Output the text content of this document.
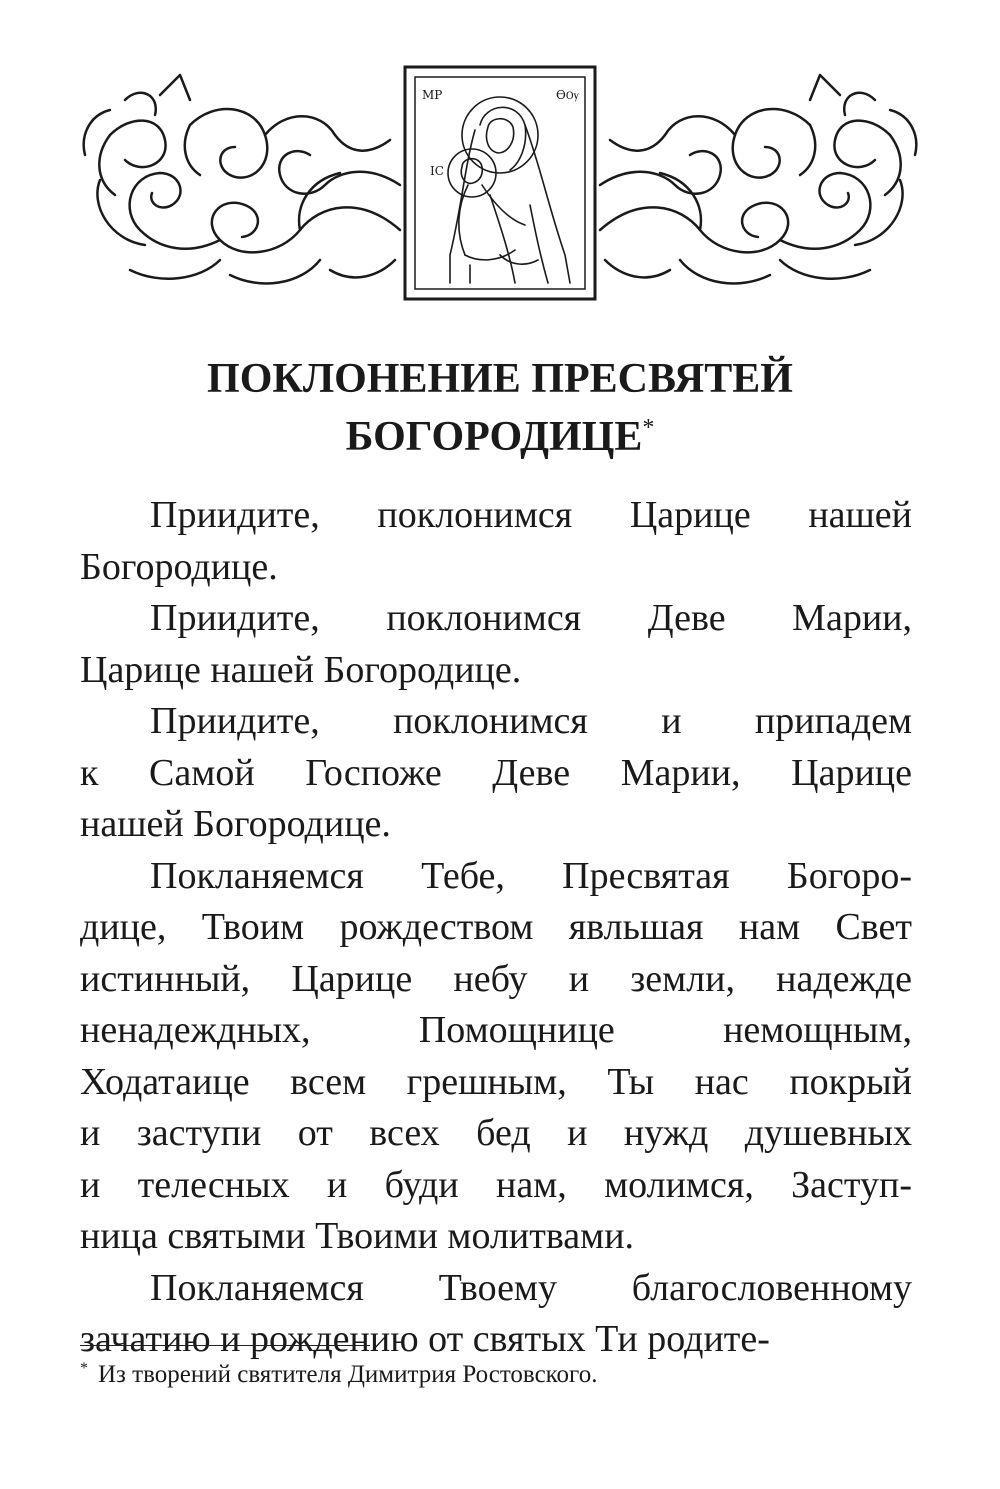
МР	ѲѸ
ІС
ПОКЛОНЕНИЕ ПРЕСВЯТЕЙ
БОГОРОДИЦЕ*
Приидите, поклонимся Царице нашей
Богородице.
Приидите, поклонимся Деве Марии,
Царице нашей Богородице.
Приидите, поклонимся и припадем
к Самой Госпоже Деве Марии, Царице
нашей Богородице.
Покланяемся Тебе, Пресвятая Богоро-
дице, Твоим рождеством явльшая нам Свет
истинный, Царице небу и земли, надежде
ненадеждных, Помощнице немощным,
Ходатаице всем грешным, Ты нас покрый
и заступи от всех бед и нужд душевных
и телесных и буди нам, молимся, Заступ-
ница святыми Твоими молитвами.
Покланяемся Твоему благословенному
зачатию и рождению от святых Ти родите-
* Из творений святителя Димитрия Ростовского.
